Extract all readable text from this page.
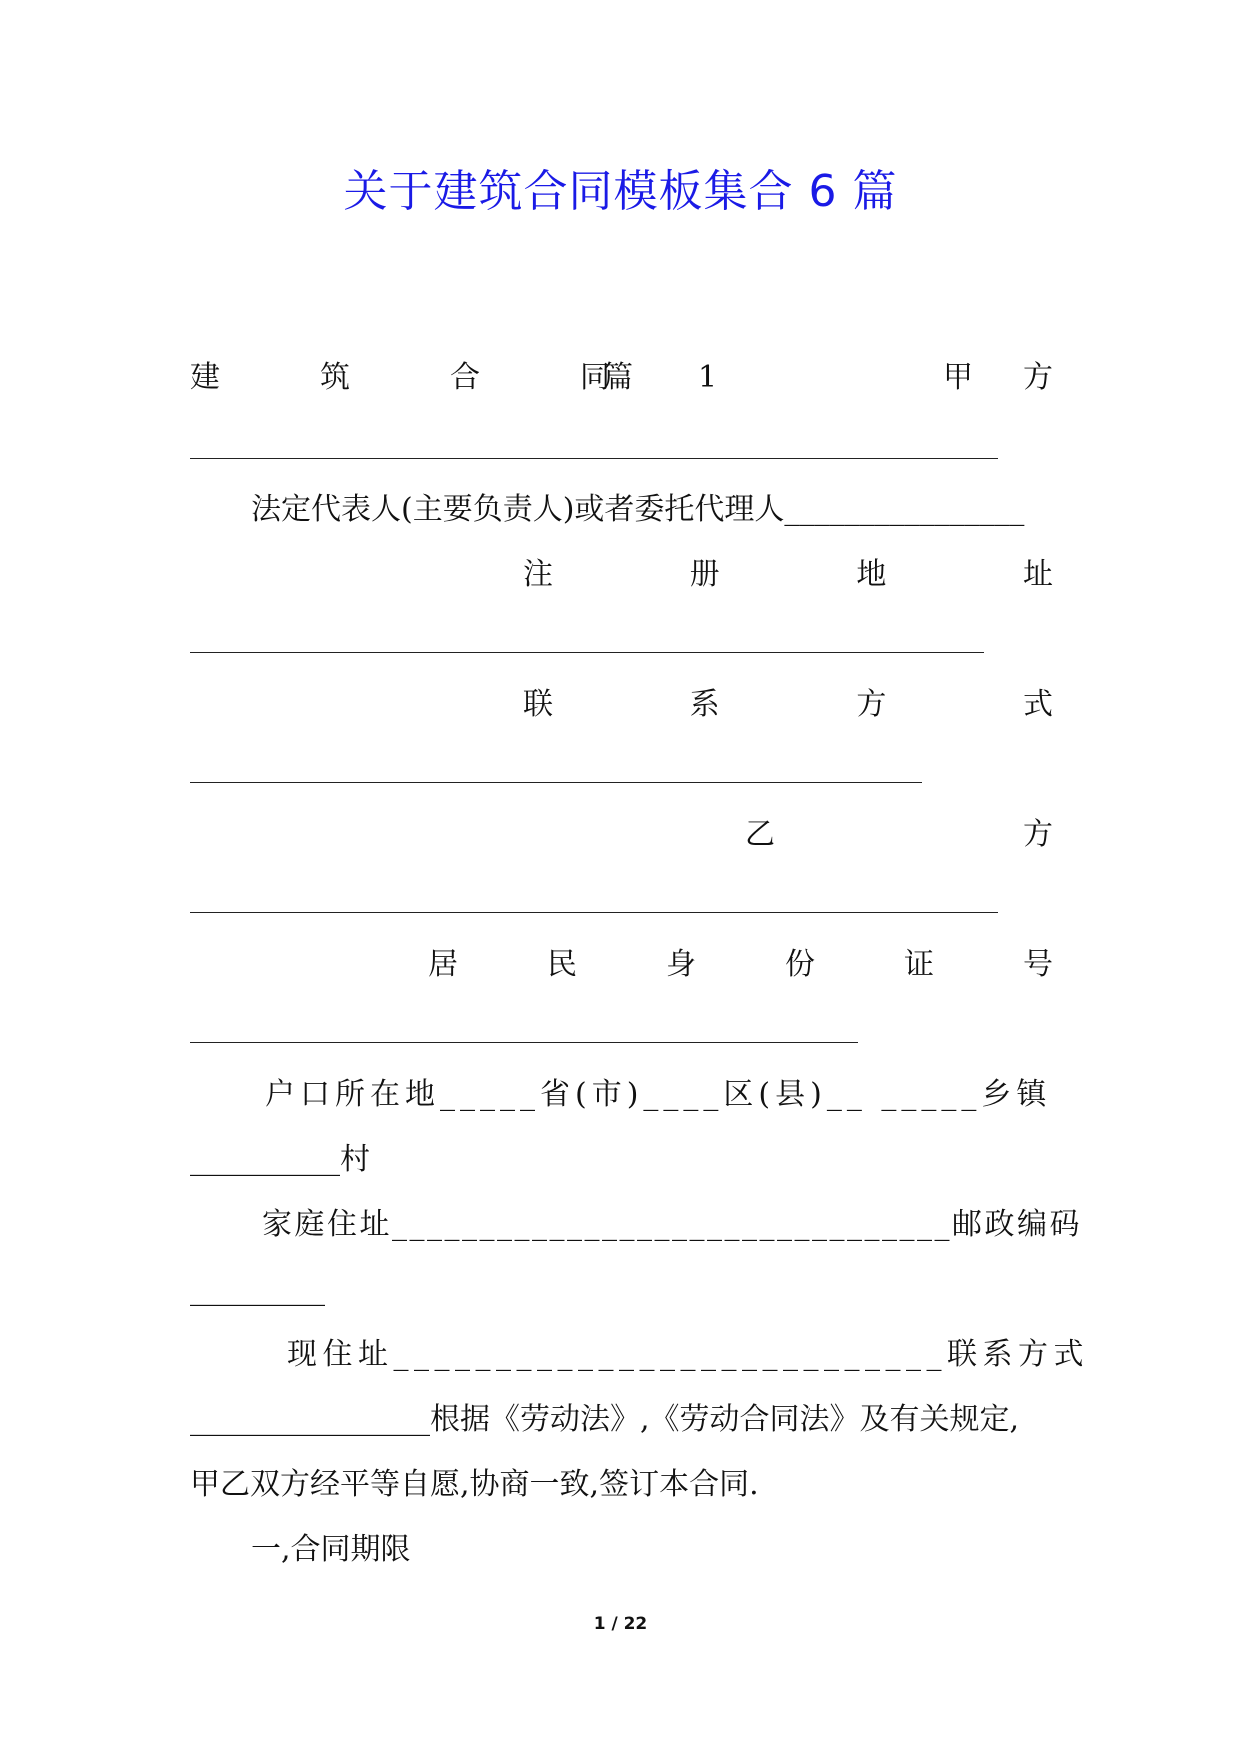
关于建筑合同模板集合 6 篇
建	筑	合	同
篇 1	甲 方
法定代表人(主要负责人)或者委托代理人________________
注	册	地	址
联	系	方	式
乙	方
居	民	身	份	证	号
户口所在地_____省(市)____区(县)__ _____乡镇
__________村
家庭住址________________________________邮政编码
_________
现住址___________________________联系方式
________________根据《劳动法》,《劳动合同法》及有关规定,
甲乙双方经平等自愿,协商一致,签订本合同.
一,合同期限
1 / 22
